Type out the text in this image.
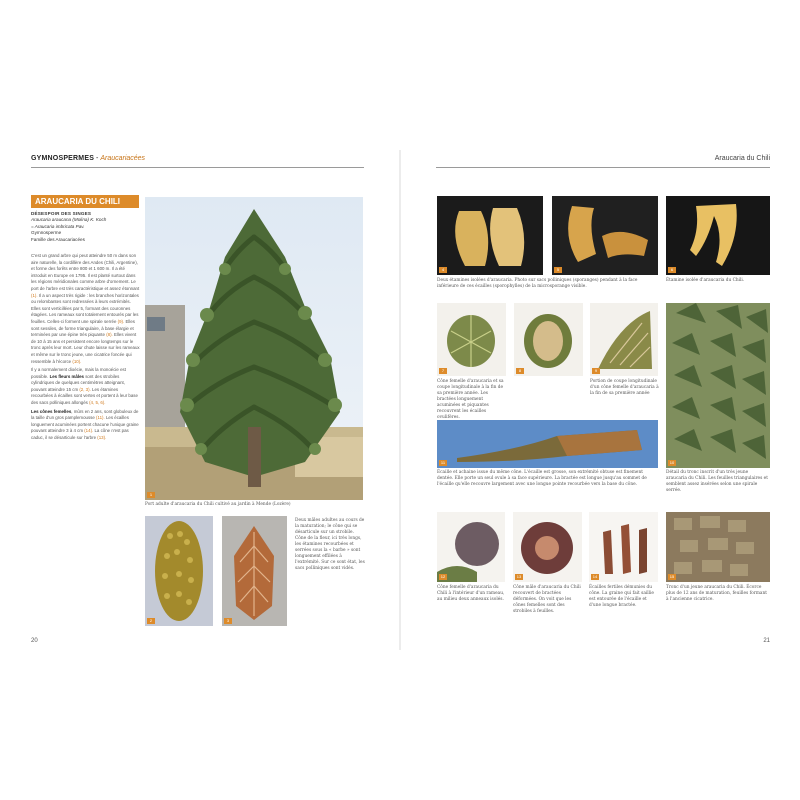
GYMNOSPERMES - Araucariacées	Araucaria du Chili
ARAUCARIA DU CHILI
DÉSESPOIR DES SINGES
Araucaria araucana (Molina) K. Koch
= Araucaria imbricata Pav.
Gymnosperme
Famille des Araucariacées

C'est un grand arbre qui peut atteindre 50 m dans son aire naturelle, la cordillère des Andes (Chili, Argentine), et forme des forêts entre 800 et 1 600 m. Il a été introduit en Europe en 1795. Il est planté surtout dans les régions méridionales comme arbre d'ornement. Le port de l'arbre est très caractéristique et assez étonnant (1). Il a un aspect très rigide : les branches horizontales ou relombantes sont redressées à leurs extrémités. Elles sont verticillées par 5, formant des couronnes étagées. Les rameaux sont totalement entourés par les feuilles. Celles-ci forment une spirale serrée (9). Elles sont sessiles, de forme triangulaire, à base élargie et terminées par une épine très piquante (8). Elles vivent de 10 à 15 ans et persistent encore longtemps sur le tronc après leur mort. Leur chute laisse sur les rameaux et même sur le tronc jeune, une cicatrice foncée qui ressemble à l'écorce (10).

Il y a normalement dioécie, mais la monoécie est possible. Les fleurs mâles sont des strobiles cylindriques de quelques centimètres atteignant, pouvant atteindre 15 cm (2, 3). Les étamines recourbées à écailles sont vertes et portent à leur base des sacs polliniques allongés (4, 5, 6).

Les cônes femelles, mûrs en 2 ans, sont globuleux de la taille d'un gros pamplemousse (11). Les écailles longuement acuminées portent chacune l'unique graine pouvant atteindre 3 à 4 cm (14). La cône n'est pas caduc, il se désarticule sur l'arbre (13).

1
Port adulte d'araucaria du Chili cultivé au jardin à Mende (Lozère)
2	3
Deux mâles adultes au cours de la maturation; le cône qui se désarticule sur un strobile. Cône de la fleur, ici très longs, les étamines recourbées et serrées sous la « barbe » sont longuement effilées à l'extrémité. Sur ce sont état, les sacs polliniques sont vidés.
4	5	6
Deux étamines isolées d'araucaria. Photo sur sacs polliniques (sporanges) pendant à la face inférieure de ces écailles (sporophylles) de la microsporange visible.
Étamine isolée d'araucaria du Chili.
7	8	9
10
Cône femelle d'araucaria et sa coupe longitudinale à la fin de sa première année. Les bractées longuement acuminées et piquantes recouvrent les écailles ovulifères.
Portion de coupe longitudinale d'un cône femelle d'araucaria à la fin de sa première année
Détail du tronc inscrit d'un très jeune araucaria du Chili. Les feuilles triangulaires et semblent assez insérées selon une spirale serrée.
11
Écaille et achaine issue du même cône. L'écaille est grosse, son extrémité obtuse est finement dentée. Elle porte un seul ovule à sa face supérieure. La bractée est longue jusqu'au sommet de l'écaille qu'elle recouvre largement avec une longue pointe recourbée vers la base du cône.
12	13	14	15
Cône femelle d'araucaria du Chili à l'intérieur d'un rameau, au milieu deux anneaux isolés.
Cône mâle d'araucaria du Chili recouvert de bractées déformées. On voit que les cônes femelles sont des strobiles à feuilles.
Écailles fertiles démunies du cône. La graine qui fait saillie est entourée de l'écaille et d'une longue bractée.
Tronc d'un jeune araucaria du Chili. Écorce plus de 12 ans de maturation, feuilles formant à l'ancienne cicatrice.
20	21
